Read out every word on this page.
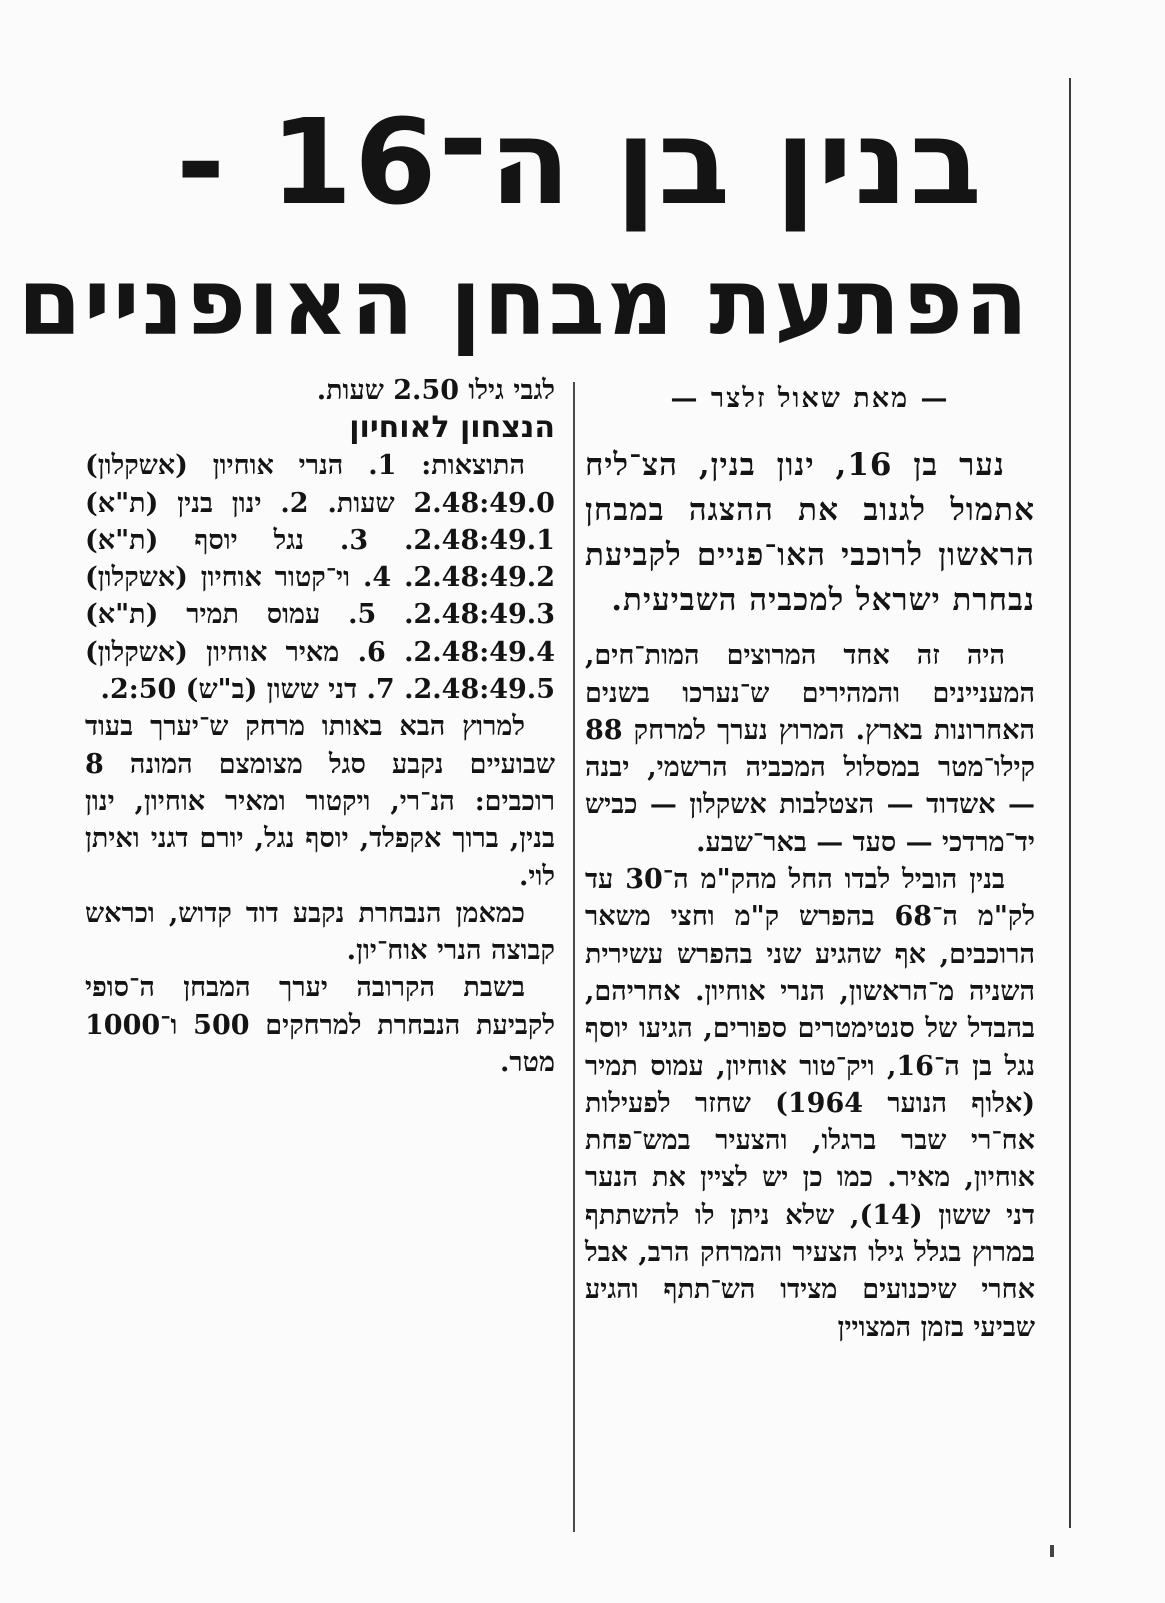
בנין בן ה־16 -
הפתעת מבחן האופניים

— מאת שאול זלצר —

נער בן 16, ינון בנין, הצ־ליח אתמול לגנוב את ההצגה במבחן הראשון לרוכבי האו־פניים לקביעת נבחרת ישראל למכביה השביעית.

היה זה אחד המרוצים המות־חים, המעניינים והמהירים ש־נערכו בשנים האחרונות בארץ. המרוץ נערך למרחק 88 קילו־מטר במסלול המכביה הרשמי, יבנה — אשדוד — הצטלבות אשקלון — כביש יד־מרדכי — סעד — באר־שבע.

בנין הוביל לבדו החל מהק"מ ה־30 עד לק"מ ה־68 בהפרש ק"מ וחצי משאר הרוכבים, אף שהגיע שני בהפרש עשירית השניה מ־הראשון, הנרי אוחיון. אחריהם, בהבדל של סנטימטרים ספורים, הגיעו יוסף נגל בן ה־16, ויק־טור אוחיון, עמוס תמיר (אלוף הנוער 1964) שחזר לפעילות אח־רי שבר ברגלו, והצעיר במש־פחת אוחיון, מאיר. כמו כן יש לציין את הנער דני ששון (14), שלא ניתן לו להשתתף במרוץ בגלל גילו הצעיר והמרחק הרב, אבל אחרי שיכנועים מצידו הש־תתף והגיע שביעי בזמן המצויין

לגבי גילו 2.50 שעות.

הנצחון לאוחיון

התוצאות: 1. הנרי אוחיון (אשקלון) 2.48:49.0 שעות. 2. ינון בנין (ת"א) 2.48:49.1. 3. נגל יוסף (ת"א) 2.48:49.2. 4. וי־קטור אוחיון (אשקלון) 2.48:49.3. 5. עמוס תמיר (ת"א) 2.48:49.4. 6. מאיר אוחיון (אשקלון) 2.48:49.5. 7. דני ששון (ב"ש) 2:50.

למרוץ הבא באותו מרחק ש־יערך בעוד שבועיים נקבע סגל מצומצם המונה 8 רוכבים: הנ־רי, ויקטור ומאיר אוחיון, ינון בנין, ברוך אקפלד, יוסף נגל, יורם דגני ואיתן לוי.

כמאמן הנבחרת נקבע דוד קדוש, וכראש קבוצה הנרי אוח־יון.

בשבת הקרובה יערך המבחן ה־סופי לקביעת הנבחרת למרחקים 500 ו־1000 מטר.
